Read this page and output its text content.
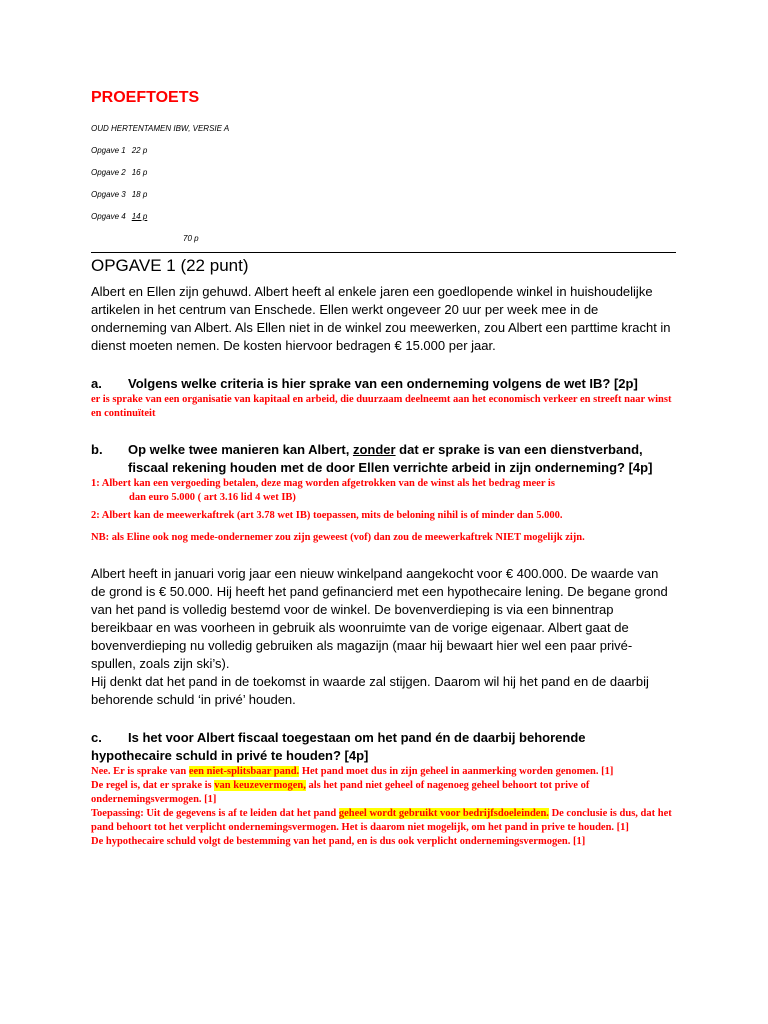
PROEFTOETS
OUD HERTENTAMEN IBW, VERSIE A
Opgave 1 22 p
Opgave 2 16 p
Opgave 3 18 p
Opgave 4 14 p
70 p
OPGAVE 1 (22 punt)
Albert en Ellen zijn gehuwd. Albert heeft al enkele jaren een goedlopende winkel in huishoudelijke artikelen in het centrum van Enschede. Ellen werkt ongeveer 20 uur per week mee in de onderneming van Albert. Als Ellen niet in de winkel zou meewerken, zou Albert een parttime kracht in dienst moeten nemen. De kosten hiervoor bedragen € 15.000 per jaar.
a.	Volgens welke criteria is hier sprake van een onderneming volgens de wet IB? [2p]
er is sprake van een organisatie van kapitaal en arbeid, die duurzaam deelneemt aan het economisch verkeer en streeft naar winst en continuïteit
b.	Op welke twee manieren kan Albert, zonder dat er sprake is van een dienstverband, fiscaal rekening houden met de door Ellen verrichte arbeid in zijn onderneming? [4p]
1: Albert kan een vergoeding betalen, deze mag worden afgetrokken van de winst als het bedrag meer is
dan euro 5.000 ( art 3.16 lid 4 wet IB)
2: Albert kan de meewerkaftrek (art 3.78 wet IB) toepassen, mits de beloning nihil is of minder dan 5.000.
NB: als Eline ook nog mede-ondernemer zou zijn geweest (vof) dan zou de meewerkaftrek NIET mogelijk zijn.
Albert heeft in januari vorig jaar een nieuw winkelpand aangekocht voor € 400.000. De waarde van de grond is € 50.000. Hij heeft het pand gefinancierd met een hypothecaire lening. De begane grond van het pand is volledig bestemd voor de winkel. De bovenverdieping is via een binnentrap bereikbaar en was voorheen in gebruik als woonruimte van de vorige eigenaar. Albert gaat de bovenverdieping nu volledig gebruiken als magazijn (maar hij bewaart hier wel een paar privé-spullen, zoals zijn ski’s).
Hij denkt dat het pand in de toekomst in waarde zal stijgen. Daarom wil hij het pand en de daarbij behorende schuld ‘in privé’ houden.
c.	Is het voor Albert fiscaal toegestaan om het pand én de daarbij behorende
hypothecaire schuld in privé te houden? [4p]
Nee. Er is sprake van een niet-splitsbaar pand. Het pand moet dus in zijn geheel in aanmerking worden genomen. [1]
De regel is, dat er sprake is van keuzevermogen, als het pand niet geheel of nagenoeg geheel behoort tot prive of ondernemingsvermogen. [1]
Toepassing: Uit de gegevens is af te leiden dat het pand geheel wordt gebruikt voor bedrijfsdoeleinden. De conclusie is dus, dat het pand behoort tot het verplicht ondernemingsvermogen. Het is daarom niet mogelijk, om het pand in prive te houden. [1]
De hypothecaire schuld volgt de bestemming van het pand, en is dus ook verplicht ondernemingsvermogen. [1]
